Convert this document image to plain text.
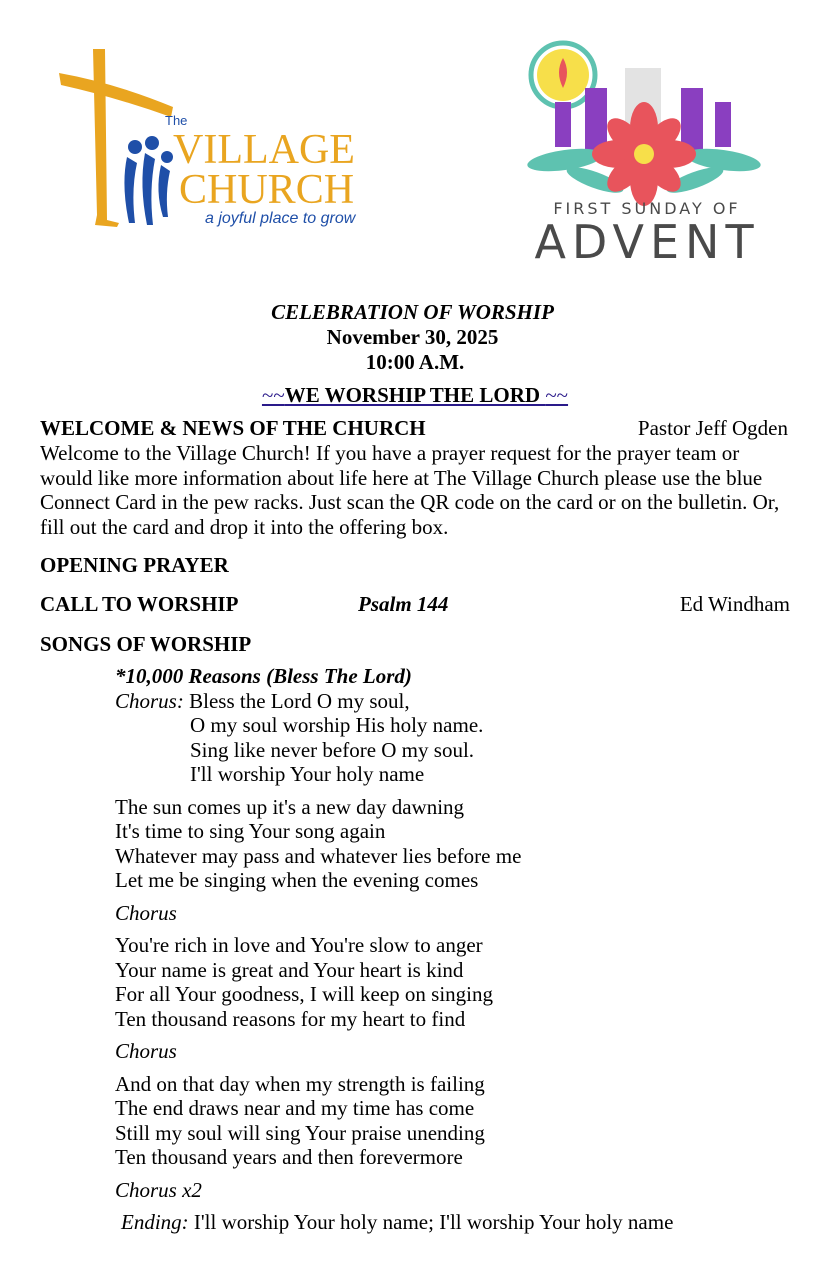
The
VILLAGE
CHURCH
a joyful place to grow
FIRST SUNDAY OF
ADVENT
CELEBRATION OF WORSHIP
November 30, 2025
10:00 A.M.
~~WE WORSHIP THE LORD ~~
WELCOME & NEWS OF THE CHURCH	Pastor Jeff Ogden
Welcome to the Village Church! If you have a prayer request for the prayer team or would like more information about life here at The Village Church please use the blue Connect Card in the pew racks. Just scan the QR code on the card or on the bulletin. Or, fill out the card and drop it into the offering box.
OPENING PRAYER
CALL TO WORSHIP	Psalm 144	Ed Windham
SONGS OF WORSHIP
*10,000 Reasons (Bless The Lord)
Chorus: Bless the Lord O my soul,
O my soul worship His holy name.
Sing like never before O my soul.
I'll worship Your holy name
The sun comes up it's a new day dawning
It's time to sing Your song again
Whatever may pass and whatever lies before me
Let me be singing when the evening comes
Chorus
You're rich in love and You're slow to anger
Your name is great and Your heart is kind
For all Your goodness, I will keep on singing
Ten thousand reasons for my heart to find
Chorus
And on that day when my strength is failing
The end draws near and my time has come
Still my soul will sing Your praise unending
Ten thousand years and then forevermore
Chorus x2
Ending: I'll worship Your holy name; I'll worship Your holy name
